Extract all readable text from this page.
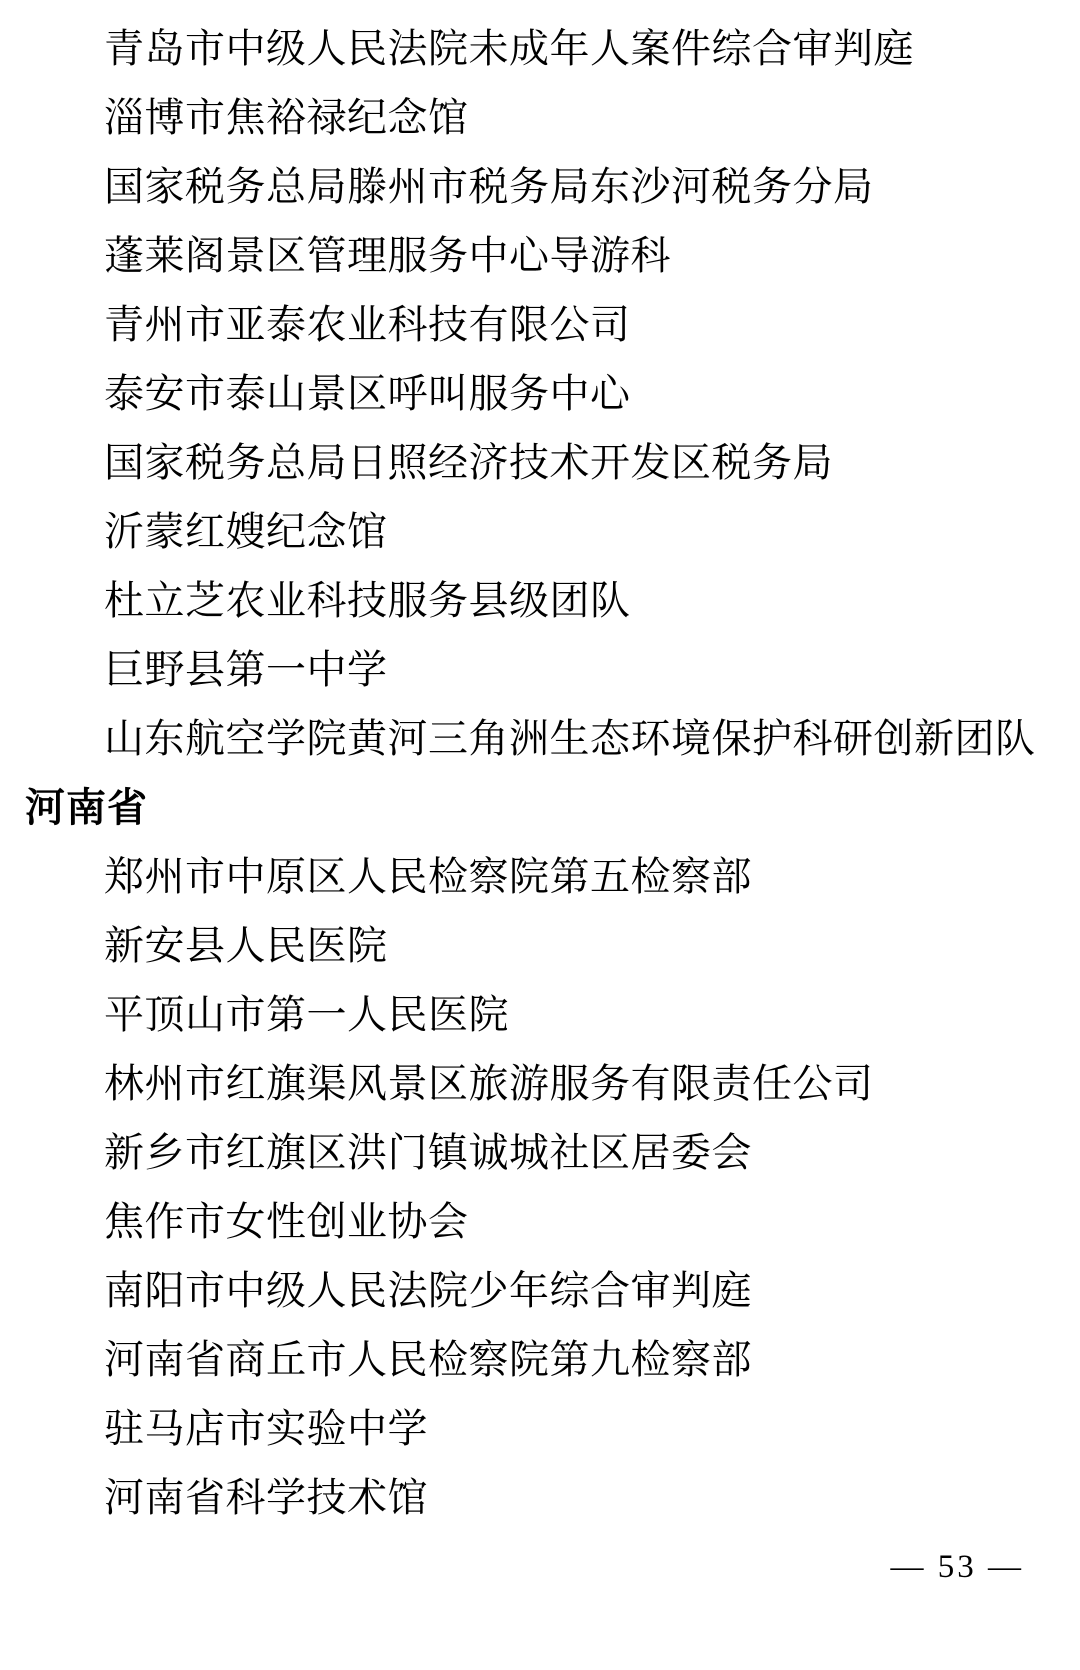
青岛市中级人民法院未成年人案件综合审判庭
淄博市焦裕禄纪念馆
国家税务总局滕州市税务局东沙河税务分局
蓬莱阁景区管理服务中心导游科
青州市亚泰农业科技有限公司
泰安市泰山景区呼叫服务中心
国家税务总局日照经济技术开发区税务局
沂蒙红嫂纪念馆
杜立芝农业科技服务县级团队
巨野县第一中学
山东航空学院黄河三角洲生态环境保护科研创新团队
河南省
郑州市中原区人民检察院第五检察部
新安县人民医院
平顶山市第一人民医院
林州市红旗渠风景区旅游服务有限责任公司
新乡市红旗区洪门镇诚城社区居委会
焦作市女性创业协会
南阳市中级人民法院少年综合审判庭
河南省商丘市人民检察院第九检察部
驻马店市实验中学
河南省科学技术馆
— 53 —
